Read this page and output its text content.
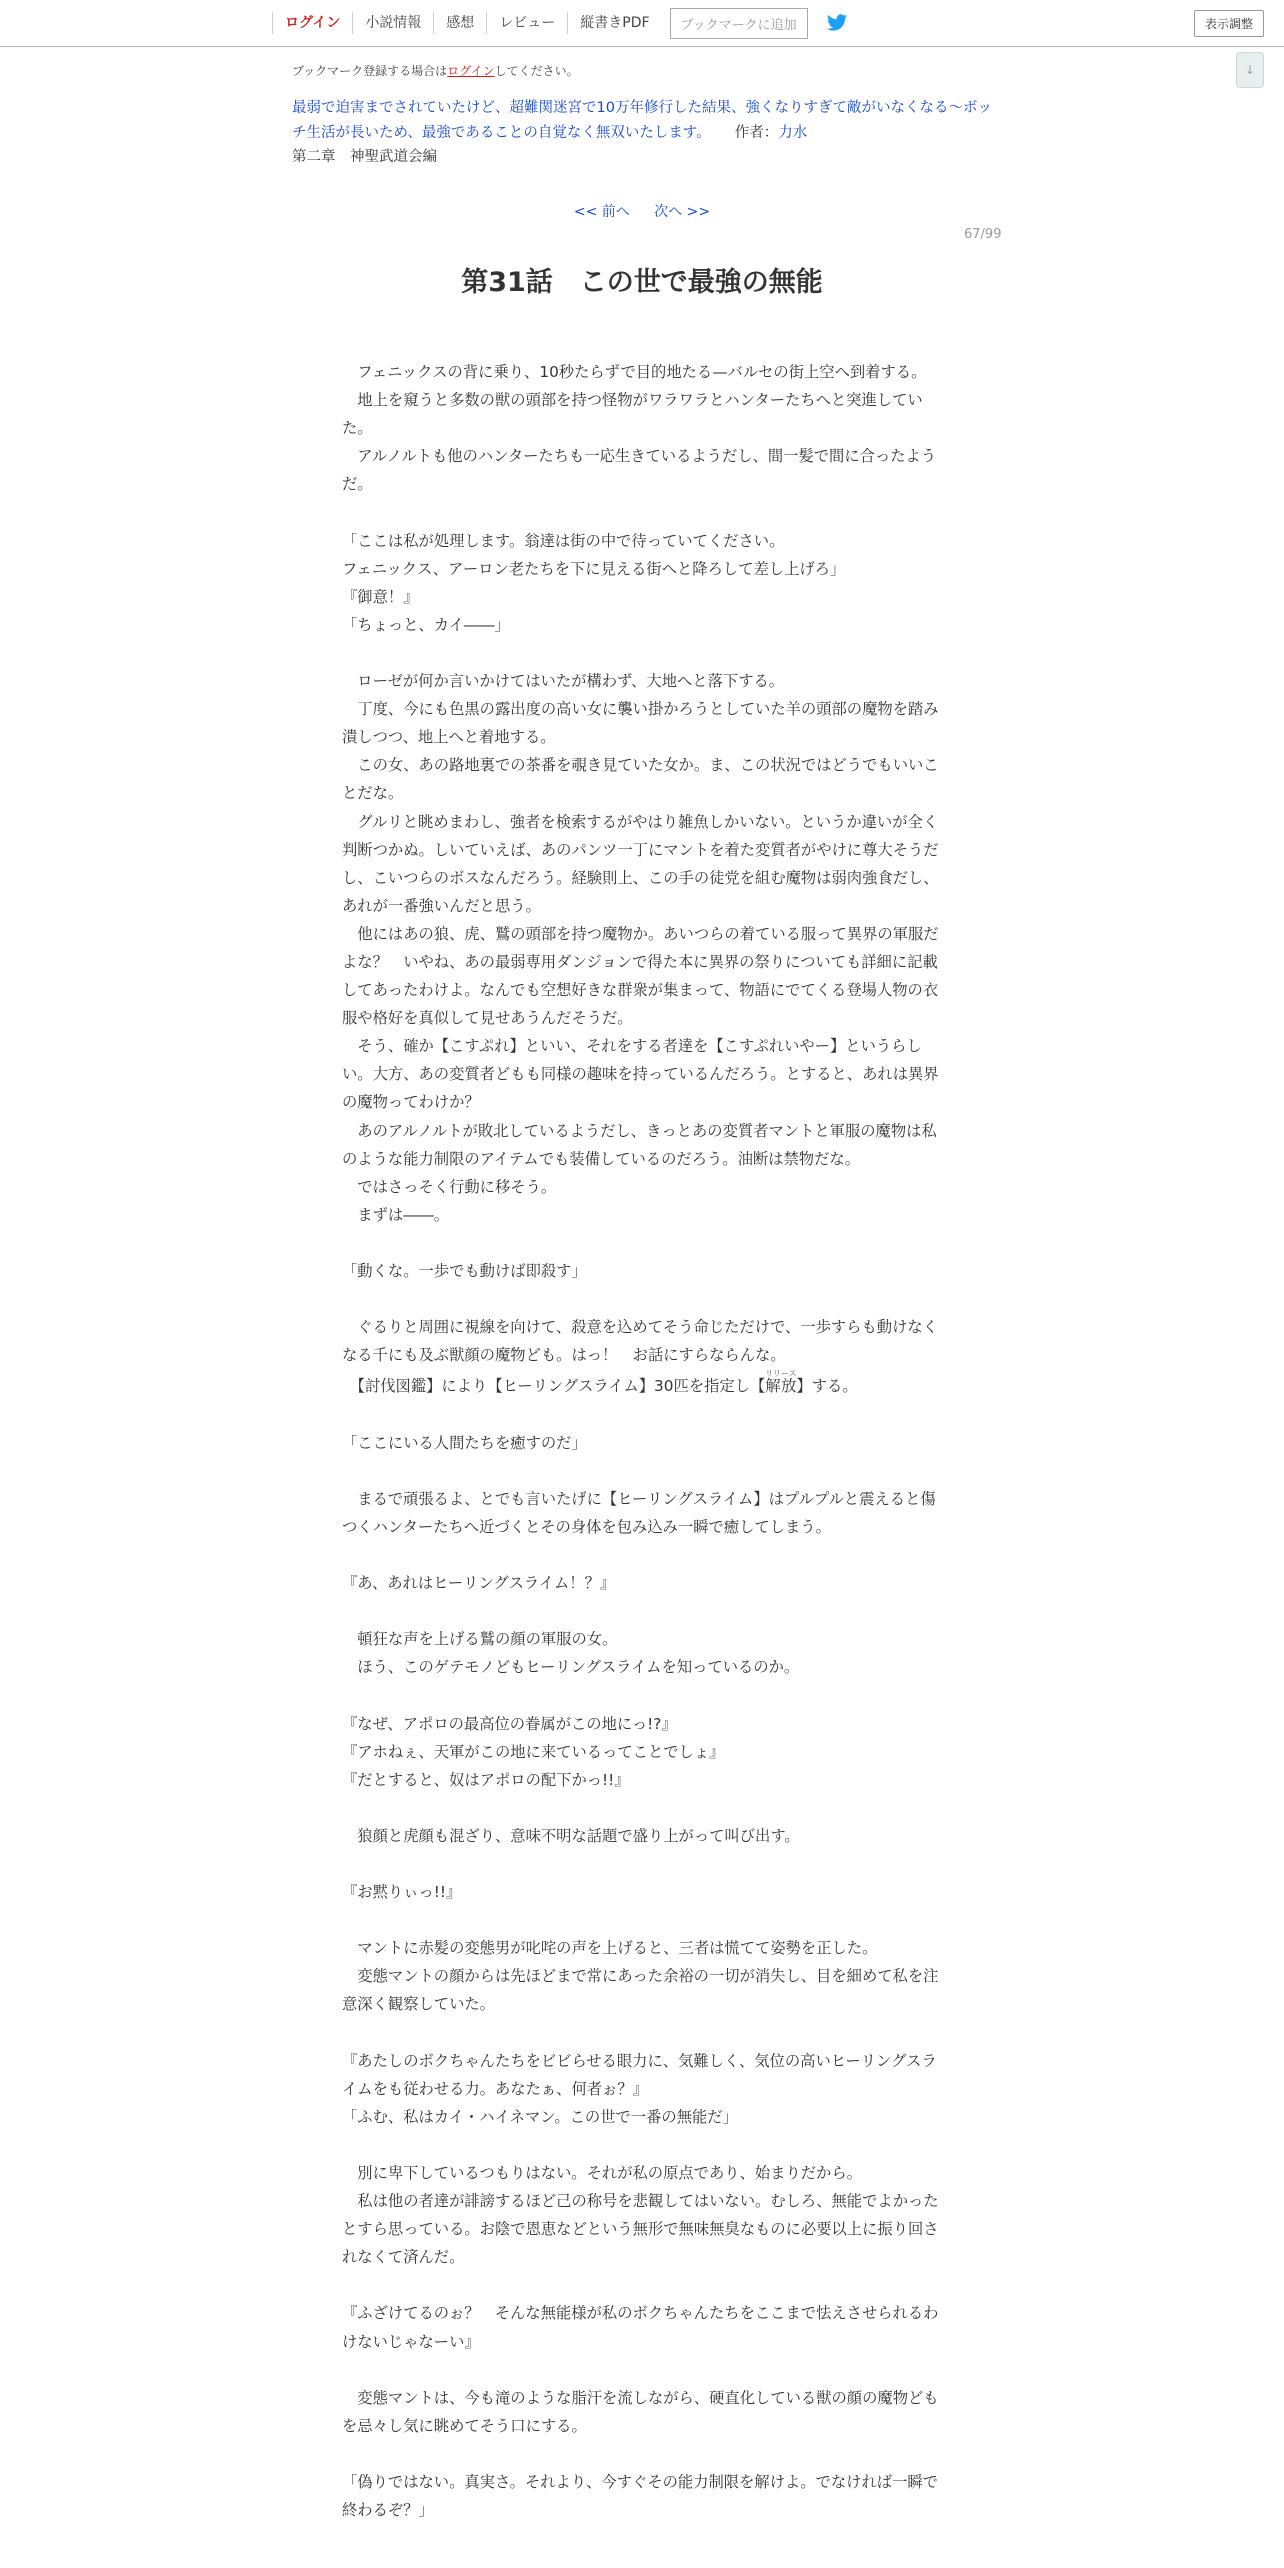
ログイン	小説情報	感想	レビュー	縦書きPDF	ブックマークに追加	表示調整
↓
ブックマーク登録する場合はログインしてください。
最弱で迫害までされていたけど、超難関迷宮で10万年修行した結果、強くなりすぎて敵がいなくなる～ボッチ生活が長いため、最強であることの自覚なく無双いたします。 作者：力水
第二章　神聖武道会編
<< 前へ 次へ >>
67/99
第31話　この世で最強の無能
　フェニックスの背に乗り、10秒たらずで目的地たる—バルセの街上空へ到着する。
　地上を窺うと多数の獣の頭部を持つ怪物がワラワラとハンターたちへと突進していた。
　アルノルトも他のハンターたちも一応生きているようだし、間一髪で間に合ったようだ。
「ここは私が処理します。翁達は街の中で待っていてください。
フェニックス、アーロン老たちを下に見える街へと降ろして差し上げろ」
『御意！』
「ちょっと、カイ――」
　ローゼが何か言いかけてはいたが構わず、大地へと落下する。
　丁度、今にも色黒の露出度の高い女に襲い掛かろうとしていた羊の頭部の魔物を踏み潰しつつ、地上へと着地する。
　この女、あの路地裏での茶番を覗き見ていた女か。ま、この状況ではどうでもいいことだな。
　グルリと眺めまわし、強者を検索するがやはり雑魚しかいない。というか違いが全く判断つかぬ。しいていえば、あのパンツ一丁にマントを着た変質者がやけに尊大そうだし、こいつらのボスなんだろう。経験則上、この手の徒党を組む魔物は弱肉強食だし、あれが一番強いんだと思う。
　他にはあの狼、虎、鷲の頭部を持つ魔物か。あいつらの着ている服って異界の軍服だよな？　いやね、あの最弱専用ダンジョンで得た本に異界の祭りについても詳細に記載してあったわけよ。なんでも空想好きな群衆が集まって、物語にでてくる登場人物の衣服や格好を真似して見せあうんだそうだ。
　そう、確か【こすぷれ】といい、それをする者達を【こすぷれいやー】というらしい。大方、あの変質者どもも同様の趣味を持っているんだろう。とすると、あれは異界の魔物ってわけか？
　あのアルノルトが敗北しているようだし、きっとあの変質者マントと軍服の魔物は私のような能力制限のアイテムでも装備しているのだろう。油断は禁物だな。
　ではさっそく行動に移そう。
　まずは――。
「動くな。一歩でも動けば即殺す」
　ぐるりと周囲に視線を向けて、殺意を込めてそう命じただけで、一歩すらも動けなくなる千にも及ぶ獣顔の魔物ども。はっ！　お話にすらならんな。
　【討伐図鑑】により【ヒーリングスライム】30匹を指定し【解放リリース】する。
「ここにいる人間たちを癒すのだ」
　まるで頑張るよ、とでも言いたげに【ヒーリングスライム】はプルプルと震えると傷つくハンターたちへ近づくとその身体を包み込み一瞬で癒してしまう。
『あ、あれはヒーリングスライム！？』
　頓狂な声を上げる鷲の顔の軍服の女。
　ほう、このゲテモノどもヒーリングスライムを知っているのか。
『なぜ、アポロの最高位の眷属がこの地にっ!?』
『アホねぇ、天軍がこの地に来ているってことでしょ』
『だとすると、奴はアポロの配下かっ!!』
　狼顔と虎顔も混ざり、意味不明な話題で盛り上がって叫び出す。
『お黙りぃっ!!』
　マントに赤髪の変態男が叱咤の声を上げると、三者は慌てて姿勢を正した。
　変態マントの顔からは先ほどまで常にあった余裕の一切が消失し、目を細めて私を注意深く観察していた。
『あたしのボクちゃんたちをビビらせる眼力に、気難しく、気位の高いヒーリングスライムをも従わせる力。あなたぁ、何者ぉ？』
「ふむ、私はカイ・ハイネマン。この世で一番の無能だ」
　別に卑下しているつもりはない。それが私の原点であり、始まりだから。
　私は他の者達が誹謗するほど己の称号を悲観してはいない。むしろ、無能でよかったとすら思っている。お陰で恩恵などという無形で無味無臭なものに必要以上に振り回されなくて済んだ。
『ふざけてるのぉ？　そんな無能様が私のボクちゃんたちをここまで怯えさせられるわけないじゃなーい』
　変態マントは、今も滝のような脂汗を流しながら、硬直化している獣の顔の魔物どもを忌々し気に眺めてそう口にする。
「偽りではない。真実さ。それより、今すぐその能力制限を解けよ。でなければ一瞬で終わるぞ？」
